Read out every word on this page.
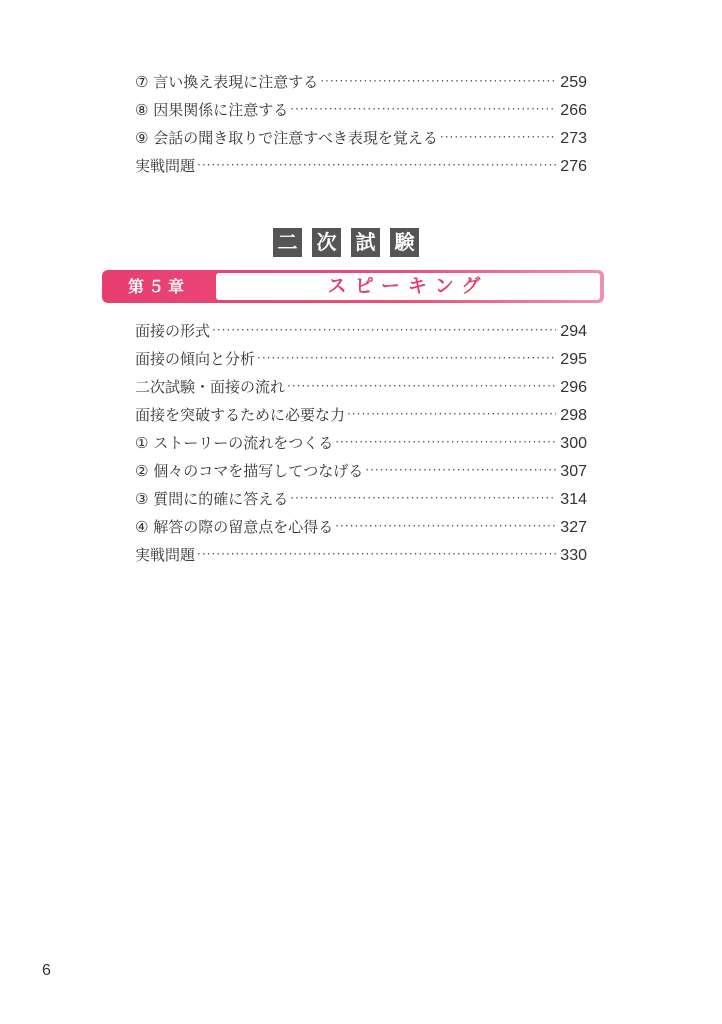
⑦ 言い換え表現に注意する ·····	259
⑧ 因果関係に注意する ·····	266
⑨ 会話の聞き取りで注意すべき表現を覚える ·····	273
実戦問題 ·····	276
二 次 試 験
第５章	スピーキング
面接の形式 ·····	294
面接の傾向と分析 ·····	295
二次試験・面接の流れ ·····	296
面接を突破するために必要な力 ·····	298
① ストーリーの流れをつくる ·····	300
② 個々のコマを描写してつなげる ·····	307
③ 質問に的確に答える ·····	314
④ 解答の際の留意点を心得る ·····	327
実戦問題 ·····	330
6
